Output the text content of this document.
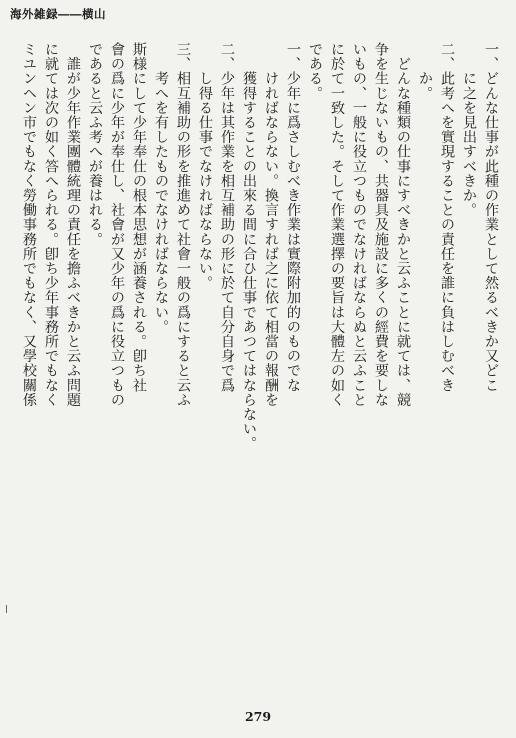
海外雑録――横山
一、どんな仕事が此種の作業として然るべきか又どこ
　　に之を見出すべきか。
二、此考へを實現することの責任を誰に負はしむべき
　　か。
　どんな種類の仕事にすべきかと云ふことに就ては、競
争を生じないもの、共器具及施設に多くの經費を要しな
いもの、一般に役立つものでなければならぬと云ふこと
に於て一致した。そして作業選擇の要旨は大體左の如く
である。
一、少年に爲さしむべき作業は實際附加的のものでな
　　ければならない。換言すれば之に依て相當の報酬を
　　獲得することの出來る間に合ひ仕事であつてはならない。
二、少年は其作業を相互補助の形に於て自分自身で爲
　　し得る仕事でなければならない。
三、相互補助の形を推進めて社會一般の爲にすると云ふ
　　考へを有したものでなければならない。
斯様にして少年奉仕の根本思想が涵養される。卽ち社
會の爲に少年が奉仕し、社會が又少年の爲に役立つもの
であると云ふ考へが養はれる。
　誰が少年作業團體統理の責任を擔ふべきかと云ふ問題
に就ては次の如く答へられる。卽ち少年事務所でもなく
ミユンヘン市でもなく勞働事務所でもなく、又學校關係
279
